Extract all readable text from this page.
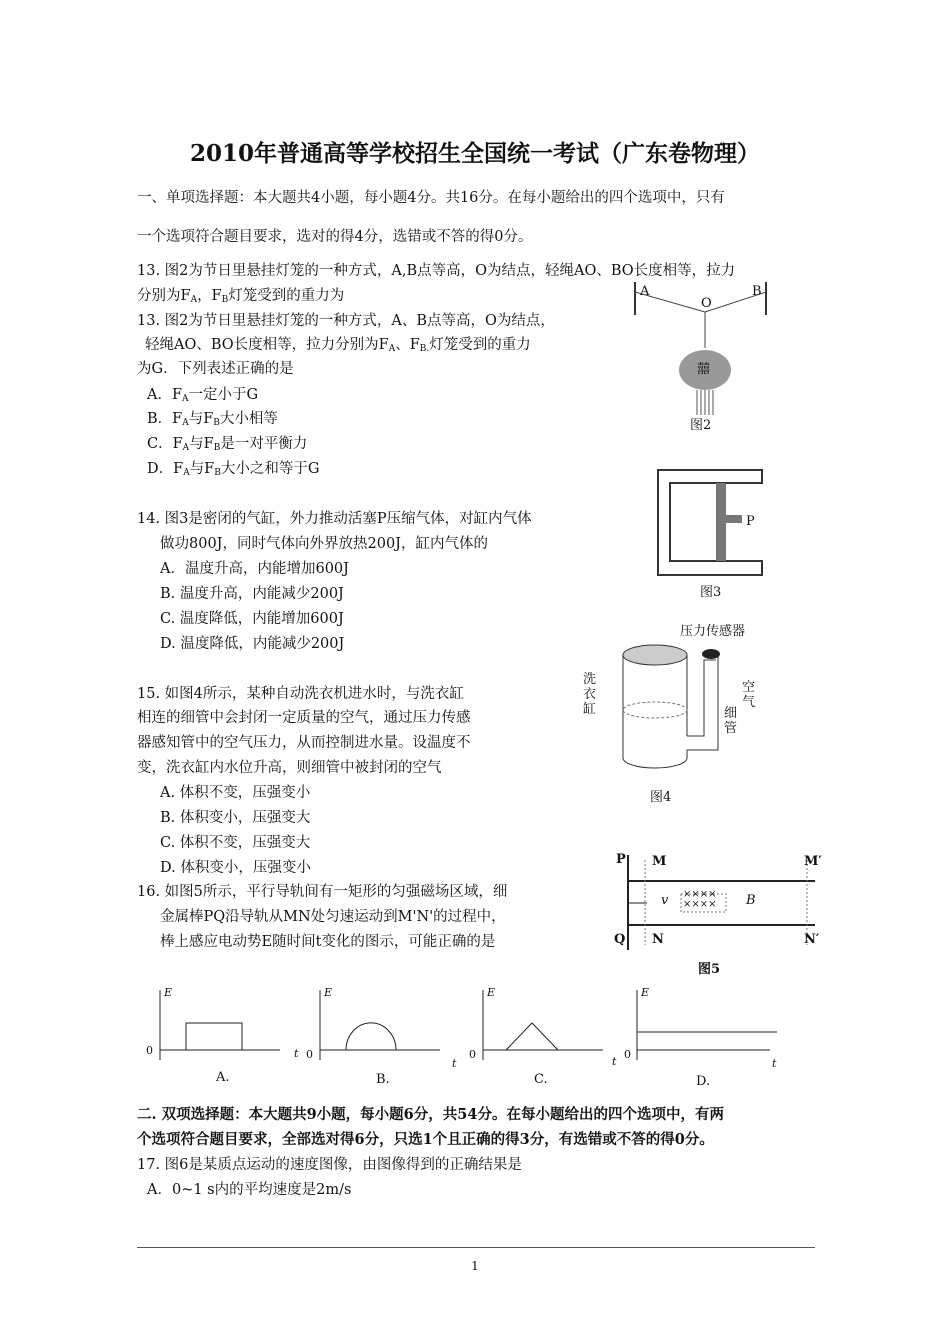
2010年普通高等学校招生全国统一考试（广东卷物理）
一、单项选择题：本大题共4小题，每小题4分。共16分。在每小题给出的四个选项中，只有
一个选项符合题目要求，选对的得4分，选错或不答的得0分。
13. 图2为节日里悬挂灯笼的一种方式，A,B点等高，O为结点，轻绳AO、BO长度相等，拉力
分别为$F_A$，$F_B$灯笼受到的重力为
13. 图2为节日里悬挂灯笼的一种方式，A、B点等高，O为结点，
轻绳AO、BO长度相等，拉力分别为$F_A$、$F_{B.}$灯笼受到的重力
为G．下列表述正确的是
A．$F_A$一定小于G
B．$F_A$与$F_B$大小相等
C．$F_A$与$F_B$是一对平衡力
D．$F_A$与$F_B$大小之和等于G
A	B
O
囍
图2
14. 图3是密闭的气缸，外力推动活塞P压缩气体，对缸内气体
做功800J，同时气体向外界放热200J，缸内气体的
A．温度升高，内能增加600J
B. 温度升高，内能减少200J
C. 温度降低，内能增加600J
D. 温度降低，内能减少200J
P
图3
15. 如图4所示，某种自动洗衣机进水时，与洗衣缸
相连的细管中会封闭一定质量的空气，通过压力传感
器感知管中的空气压力，从而控制进水量。设温度不
变，洗衣缸内水位升高，则细管中被封闭的空气
A. 体积不变，压强变小
B. 体积变小，压强变大
C. 体积不变，压强变大
D. 体积变小，压强变小
压力传感器
洗衣缸
空气
细管
图4
16. 如图5所示，平行导轨间有一矩形的匀强磁场区域，细
金属棒PQ沿导轨从MN处匀速运动到M'N'的过程中，
棒上感应电动势E随时间t变化的图示，可能正确的是
P M	M′
Q N	N′
v	B
××××
××××
图5
E
0	t
A.
E
0
t
B.
E
0
t
C.
E
0
t
D.
二. 双项选择题：本大题共9小题，每小题6分，共54分。在每小题给出的四个选项中，有两
个选项符合题目要求，全部选对得6分，只选1个且正确的得3分，有选错或不答的得0分。
17. 图6是某质点运动的速度图像，由图像得到的正确结果是
A．0~1 s内的平均速度是2m/s
1
